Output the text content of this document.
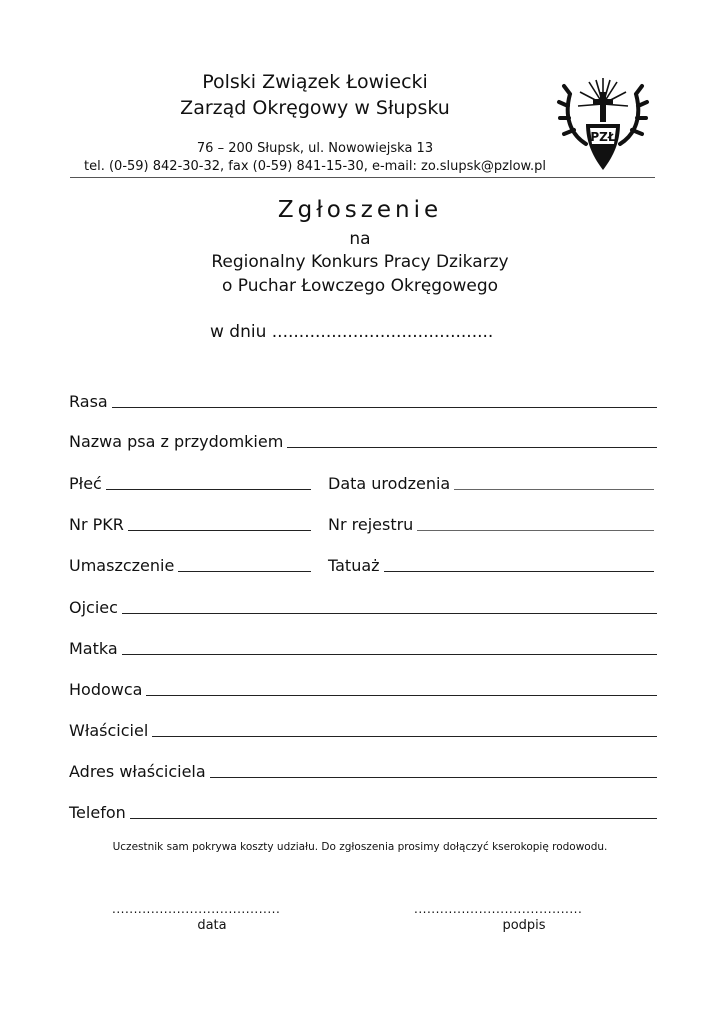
Polski Związek Łowiecki
Zarząd Okręgowy w Słupsku
76 – 200 Słupsk, ul. Nowowiejska 13
tel. (0-59) 842-30-32, fax (0-59) 841-15-30, e-mail: zo.slupsk@pzlow.pl
PZŁ
Zgłoszenie
na
Regionalny Konkurs Pracy Dzikarzy
o Puchar Łowczego Okręgowego
w dniu .........................................
Rasa
Nazwa psa z przydomkiem
Płeć	Data urodzenia
Nr PKR	Nr rejestru
Umaszczenie	Tatuaż
Ojciec
Matka
Hodowca
Właściciel
Adres właściciela
Telefon
Uczestnik sam pokrywa koszty udziału. Do zgłoszenia prosimy dołączyć kserokopię rodowodu.
.......................................
data
.......................................
podpis
